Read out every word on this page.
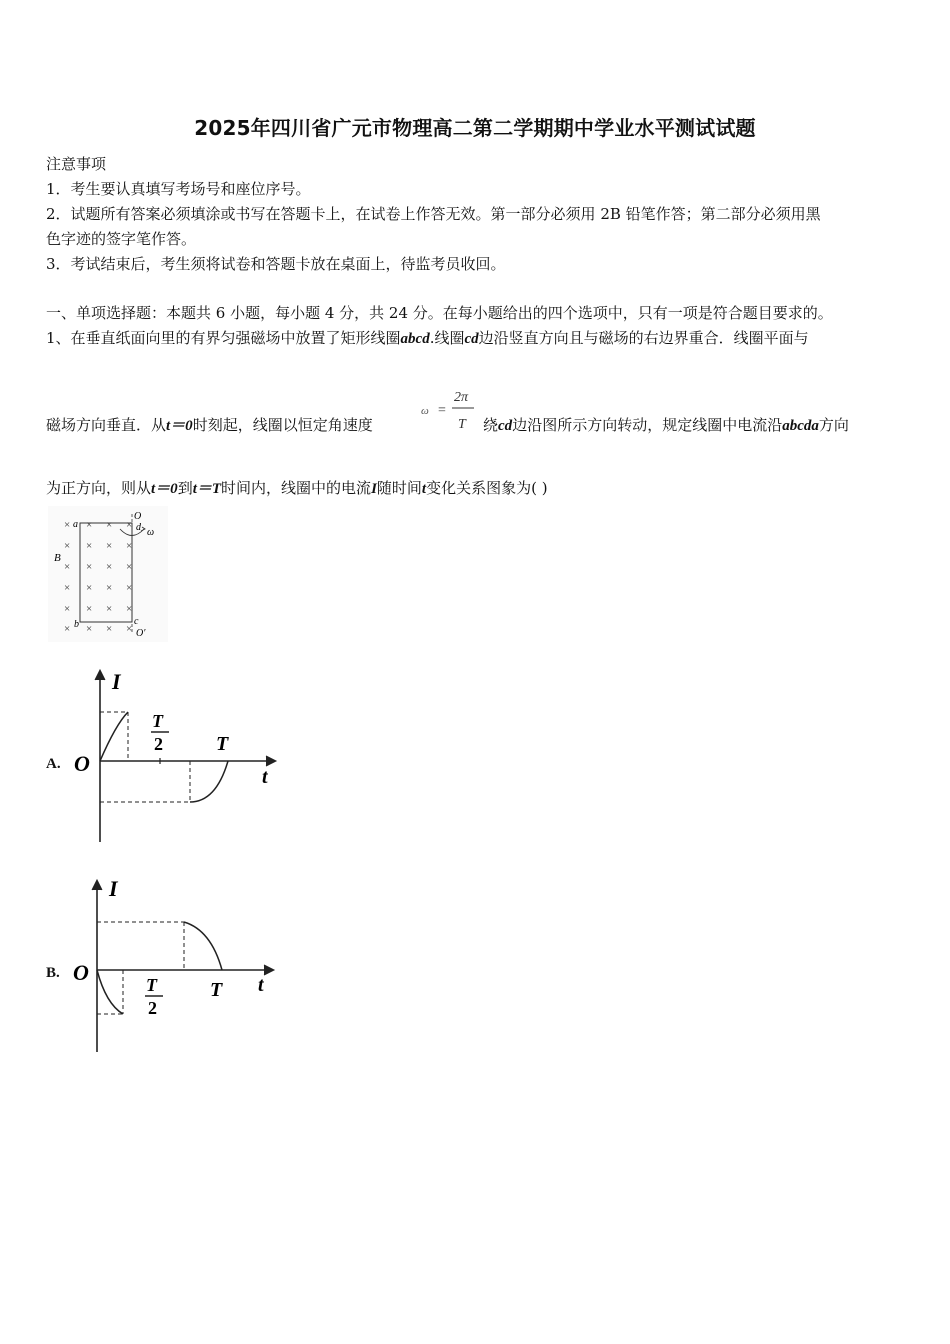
2025年四川省广元市物理高二第二学期期中学业水平测试试题
注意事项
1．考生要认真填写考场号和座位序号。
2．试题所有答案必须填涂或书写在答题卡上，在试卷上作答无效。第一部分必须用 2B 铅笔作答；第二部分必须用黑
色字迹的签字笔作答。
3．考试结束后，考生须将试卷和答题卡放在桌面上，待监考员收回。
一、单项选择题：本题共 6 小题，每小题 4 分，共 24 分。在每小题给出的四个选项中，只有一项是符合题目要求的。
1、在垂直纸面向里的有界匀强磁场中放置了矩形线圈abcd.线圈cd边沿竖直方向且与磁场的右边界重合．线圈平面与
磁场方向垂直．从t＝0时刻起，线圈以恒定角速度
ω =
2π
T 绕cd边沿图所示方向转动，规定线圈中电流沿abcda方向
为正方向，则从t＝0到t＝T时间内，线圈中的电流I随时间t变化关系图象为( )
× × × ×
× × × ×
× × × ×
× × × ×
× × × ×
× × × ×
a
O
d ω
B
b	c
O′
A.
I
O
t
T
2	T
B.
I
O	t
T
2
T
